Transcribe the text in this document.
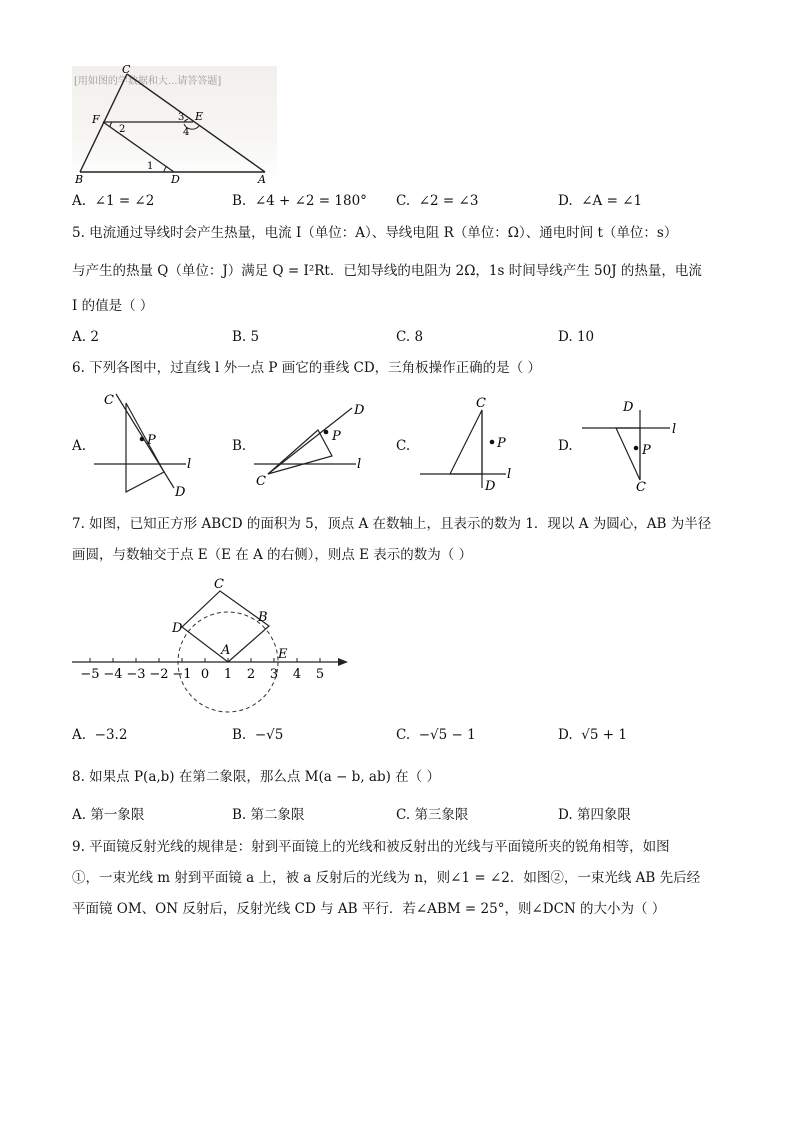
[用如图的学数据和大...请答答题]
C
F	E
B	D	A
1
2
3
4
A. ∠1 = ∠2	B. ∠4 + ∠2 = 180° C. ∠2 = ∠3	D. ∠A = ∠1
5. 电流通过导线时会产生热量，电流 I（单位：A）、导线电阻 R（单位：Ω）、通电时间 t（单位：s）
与产生的热量 Q（单位：J）满足 Q = I²Rt．已知导线的电阻为 2Ω，1s 时间导线产生 50J 的热量，电流
I 的值是（ ）
A. 2	B. 5	C. 8	D. 10
6. 下列各图中，过直线 l 外一点 P 画它的垂线 CD，三角板操作正确的是（ ）
A.	B.	C.	D.
C
P
l
D
C
P
l
D	C
P
l
D
D
P
l
C
7. 如图，已知正方形 ABCD 的面积为 5，顶点 A 在数轴上，且表示的数为 1．现以 A 为圆心，AB 为半径
画圆，与数轴交于点 E（E 在 A 的右侧），则点 E 表示的数为（ ）
−5 −4 −3 −2 −1 0 1 2 3 4 5
C
B
D
A	E
A. −3.2	B. −√5	C. −√5 − 1	D. √5 + 1
8. 如果点 P(a,b) 在第二象限，那么点 M(a − b, ab) 在（ ）
A. 第一象限	B. 第二象限	C. 第三象限	D. 第四象限
9. 平面镜反射光线的规律是：射到平面镜上的光线和被反射出的光线与平面镜所夹的锐角相等，如图
①，一束光线 m 射到平面镜 a 上，被 a 反射后的光线为 n，则∠1 = ∠2．如图②，一束光线 AB 先后经
平面镜 OM、ON 反射后，反射光线 CD 与 AB 平行．若∠ABM = 25°，则∠DCN 的大小为（ ）
